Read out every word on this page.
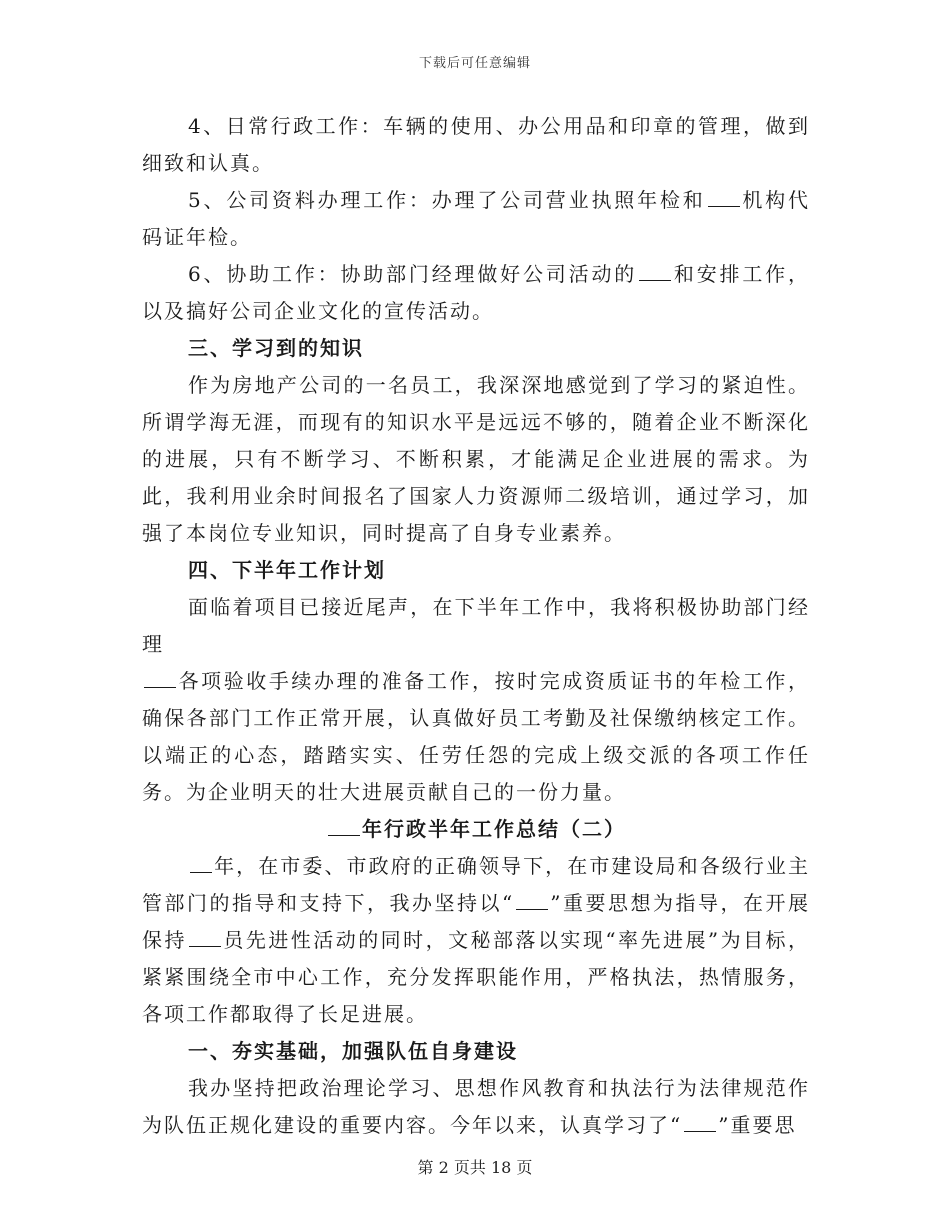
下载后可任意编辑

4、日常行政工作：车辆的使用、办公用品和印章的管理，做到细致和认真。

5、公司资料办理工作：办理了公司营业执照年检和 机构代码证年检。

6、协助工作：协助部门经理做好公司活动的 和安排工作，以及搞好公司企业文化的宣传活动。

三、学习到的知识

作为房地产公司的一名员工，我深深地感觉到了学习的紧迫性。所谓学海无涯，而现有的知识水平是远远不够的，随着企业不断深化的进展，只有不断学习、不断积累，才能满足企业进展的需求。为此，我利用业余时间报名了国家人力资源师二级培训，通过学习，加强了本岗位专业知识，同时提高了自身专业素养。

四、下半年工作计划

面临着项目已接近尾声，在下半年工作中，我将积极协助部门经理
各项验收手续办理的准备工作，按时完成资质证书的年检工作，确保各部门工作正常开展，认真做好员工考勤及社保缴纳核定工作。以端正的心态，踏踏实实、任劳任怨的完成上级交派的各项工作任务。为企业明天的壮大进展贡献自己的一份力量。

年行政半年工作总结（二）

年，在市委、市政府的正确领导下，在市建设局和各级行业主管部门的指导和支持下，我办坚持以“ ”重要思想为指导，在开展保持 员先进性活动的同时，文秘部落以实现“率先进展”为目标，紧紧围绕全市中心工作，充分发挥职能作用，严格执法，热情服务，各项工作都取得了长足进展。

一、夯实基础，加强队伍自身建设

我办坚持把政治理论学习、思想作风教育和执法行为法律规范作为队伍正规化建设的重要内容。今年以来，认真学习了“ ”重要思

第 2 页共 18 页
